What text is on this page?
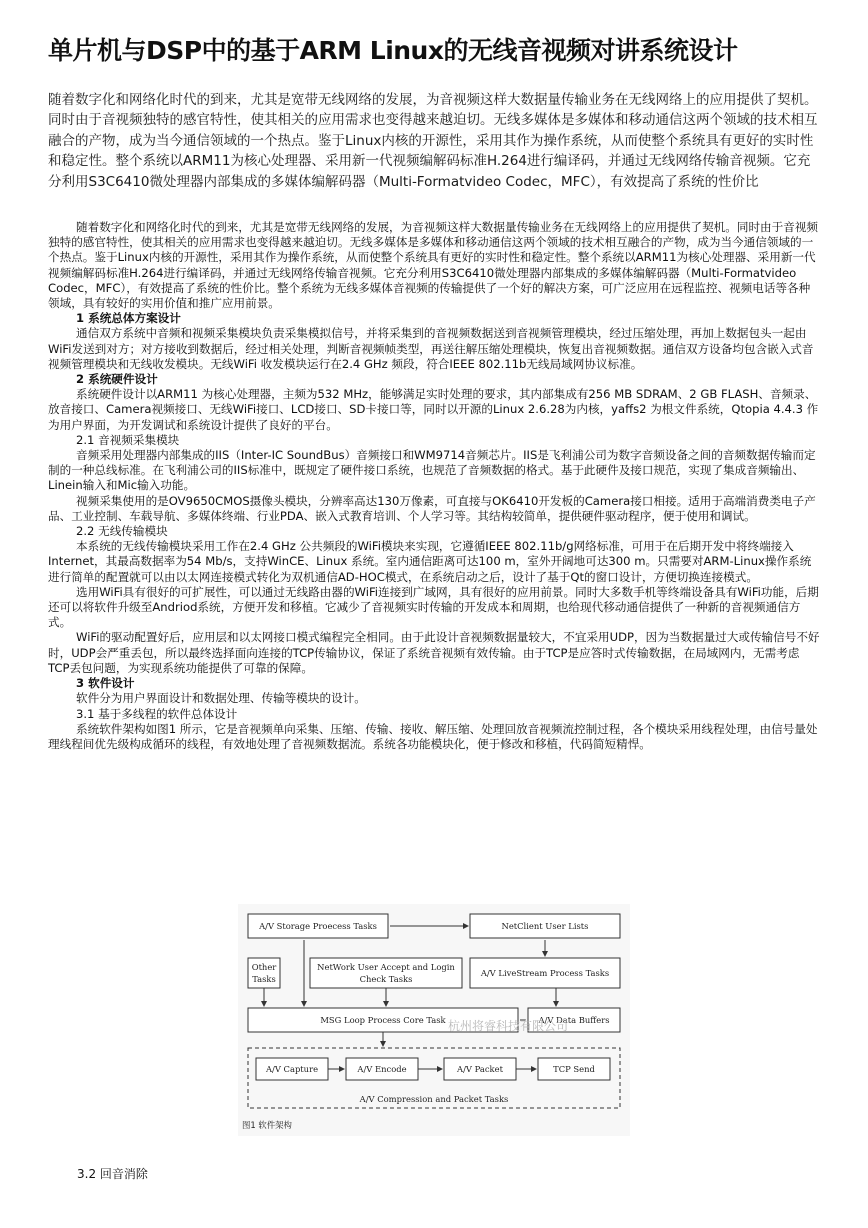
单片机与DSP中的基于ARM Linux的无线音视频对讲系统设计

随着数字化和网络化时代的到来，尤其是宽带无线网络的发展，为音视频这样大数据量传输业务在无线网络上的应用提供了契机。同时由于音视频独特的感官特性，使其相关的应用需求也变得越来越迫切。无线多媒体是多媒体和移动通信这两个领域的技术相互融合的产物，成为当今通信领域的一个热点。鉴于Linux内核的开源性，采用其作为操作系统，从而使整个系统具有更好的实时性和稳定性。整个系统以ARM11为核心处理器、采用新一代视频编解码标准H.264进行编译码，并通过无线网络传输音视频。它充分利用S3C6410微处理器内部集成的多媒体编解码器（Multi-Formatvideo Codec，MFC），有效提高了系统的性价比

随着数字化和网络化时代的到来，尤其是宽带无线网络的发展，为音视频这样大数据量传输业务在无线网络上的应用提供了契机。同时由于音视频独特的感官特性，使其相关的应用需求也变得越来越迫切。无线多媒体是多媒体和移动通信这两个领域的技术相互融合的产物，成为当今通信领域的一个热点。鉴于Linux内核的开源性，采用其作为操作系统，从而使整个系统具有更好的实时性和稳定性。整个系统以ARM11为核心处理器、采用新一代视频编解码标准H.264进行编译码，并通过无线网络传输音视频。它充分利用S3C6410微处理器内部集成的多媒体编解码器（Multi-Formatvideo Codec，MFC），有效提高了系统的性价比。整个系统为无线多媒体音视频的传输提供了一个好的解决方案，可广泛应用在远程监控、视频电话等各种领域，具有较好的实用价值和推广应用前景。

1 系统总体方案设计

通信双方系统中音频和视频采集模块负责采集模拟信号，并将采集到的音视频数据送到音视频管理模块，经过压缩处理，再加上数据包头一起由WiFi发送到对方；对方接收到数据后，经过相关处理，判断音视频帧类型，再送往解压缩处理模块，恢复出音视频数据。通信双方设备均包含嵌入式音视频管理模块和无线收发模块。无线WiFi 收发模块运行在2.4 GHz 频段，符合IEEE 802.11b无线局域网协议标准。

2 系统硬件设计

系统硬件设计以ARM11 为核心处理器，主频为532 MHz，能够满足实时处理的要求，其内部集成有256 MB SDRAM、2 GB FLASH、音频录、放音接口、Camera视频接口、无线WiFi接口、LCD接口、SD卡接口等，同时以开源的Linux 2.6.28为内核，yaffs2 为根文件系统，Qtopia 4.4.3 作为用户界面，为开发调试和系统设计提供了良好的平台。

2.1 音视频采集模块

音频采用处理器内部集成的IIS（Inter-IC SoundBus）音频接口和WM9714音频芯片。IIS是飞利浦公司为数字音频设备之间的音频数据传输而定制的一种总线标准。在飞利浦公司的IIS标准中，既规定了硬件接口系统，也规范了音频数据的格式。基于此硬件及接口规范，实现了集成音频输出、Linein输入和Mic输入功能。

视频采集使用的是OV9650CMOS摄像头模块，分辨率高达130万像素，可直接与OK6410开发板的Camera接口相接。适用于高端消费类电子产品、工业控制、车载导航、多媒体终端、行业PDA、嵌入式教育培训、个人学习等。其结构较简单，提供硬件驱动程序，便于使用和调试。

2.2 无线传输模块

本系统的无线传输模块采用工作在2.4 GHz 公共频段的WiFi模块来实现，它遵循IEEE 802.11b/g网络标准，可用于在后期开发中将终端接入Internet，其最高数据率为54 Mb/s，支持WinCE、Linux 系统。室内通信距离可达100 m，室外开阔地可达300 m。只需要对ARM-Linux操作系统进行简单的配置就可以由以太网连接模式转化为双机通信AD-HOC模式，在系统启动之后，设计了基于Qt的窗口设计，方便切换连接模式。

选用WiFi具有很好的可扩展性，可以通过无线路由器的WiFi连接到广域网，具有很好的应用前景。同时大多数手机等终端设备具有WiFi功能，后期还可以将软件升级至Andriod系统，方便开发和移植。它减少了音视频实时传输的开发成本和周期，也给现代移动通信提供了一种新的音视频通信方式。

WiFi的驱动配置好后，应用层和以太网接口模式编程完全相同。由于此设计音视频数据量较大，不宜采用UDP，因为当数据量过大或传输信号不好时，UDP会严重丢包，所以最终选择面向连接的TCP传输协议，保证了系统音视频有效传输。由于TCP是应答时式传输数据，在局域网内，无需考虑TCP丢包问题，为实现系统功能提供了可靠的保障。

3 软件设计

软件分为用户界面设计和数据处理、传输等模块的设计。

3.1 基于多线程的软件总体设计

系统软件架构如图1 所示，它是音视频单向采集、压缩、传输、接收、解压缩、处理回放音视频流控制过程，各个模块采用线程处理，由信号量处理线程间优先级构成循环的线程，有效地处理了音视频数据流。系统各功能模块化，便于修改和移植，代码简短精悍。

A/V Storage Proecess Tasks	NetClient User Lists
Other
Tasks
NetWork User Accept and Login
Check Tasks
A/V LiveStream Process Tasks
MSG Loop Process Core Task	A/V Data Buffers
杭州将睿科技有限公司
A/V Capture	A/V Encode	A/V Packet	TCP Send
A/V Compression and Packet Tasks
图1 软件架构

3.2 回音消除
